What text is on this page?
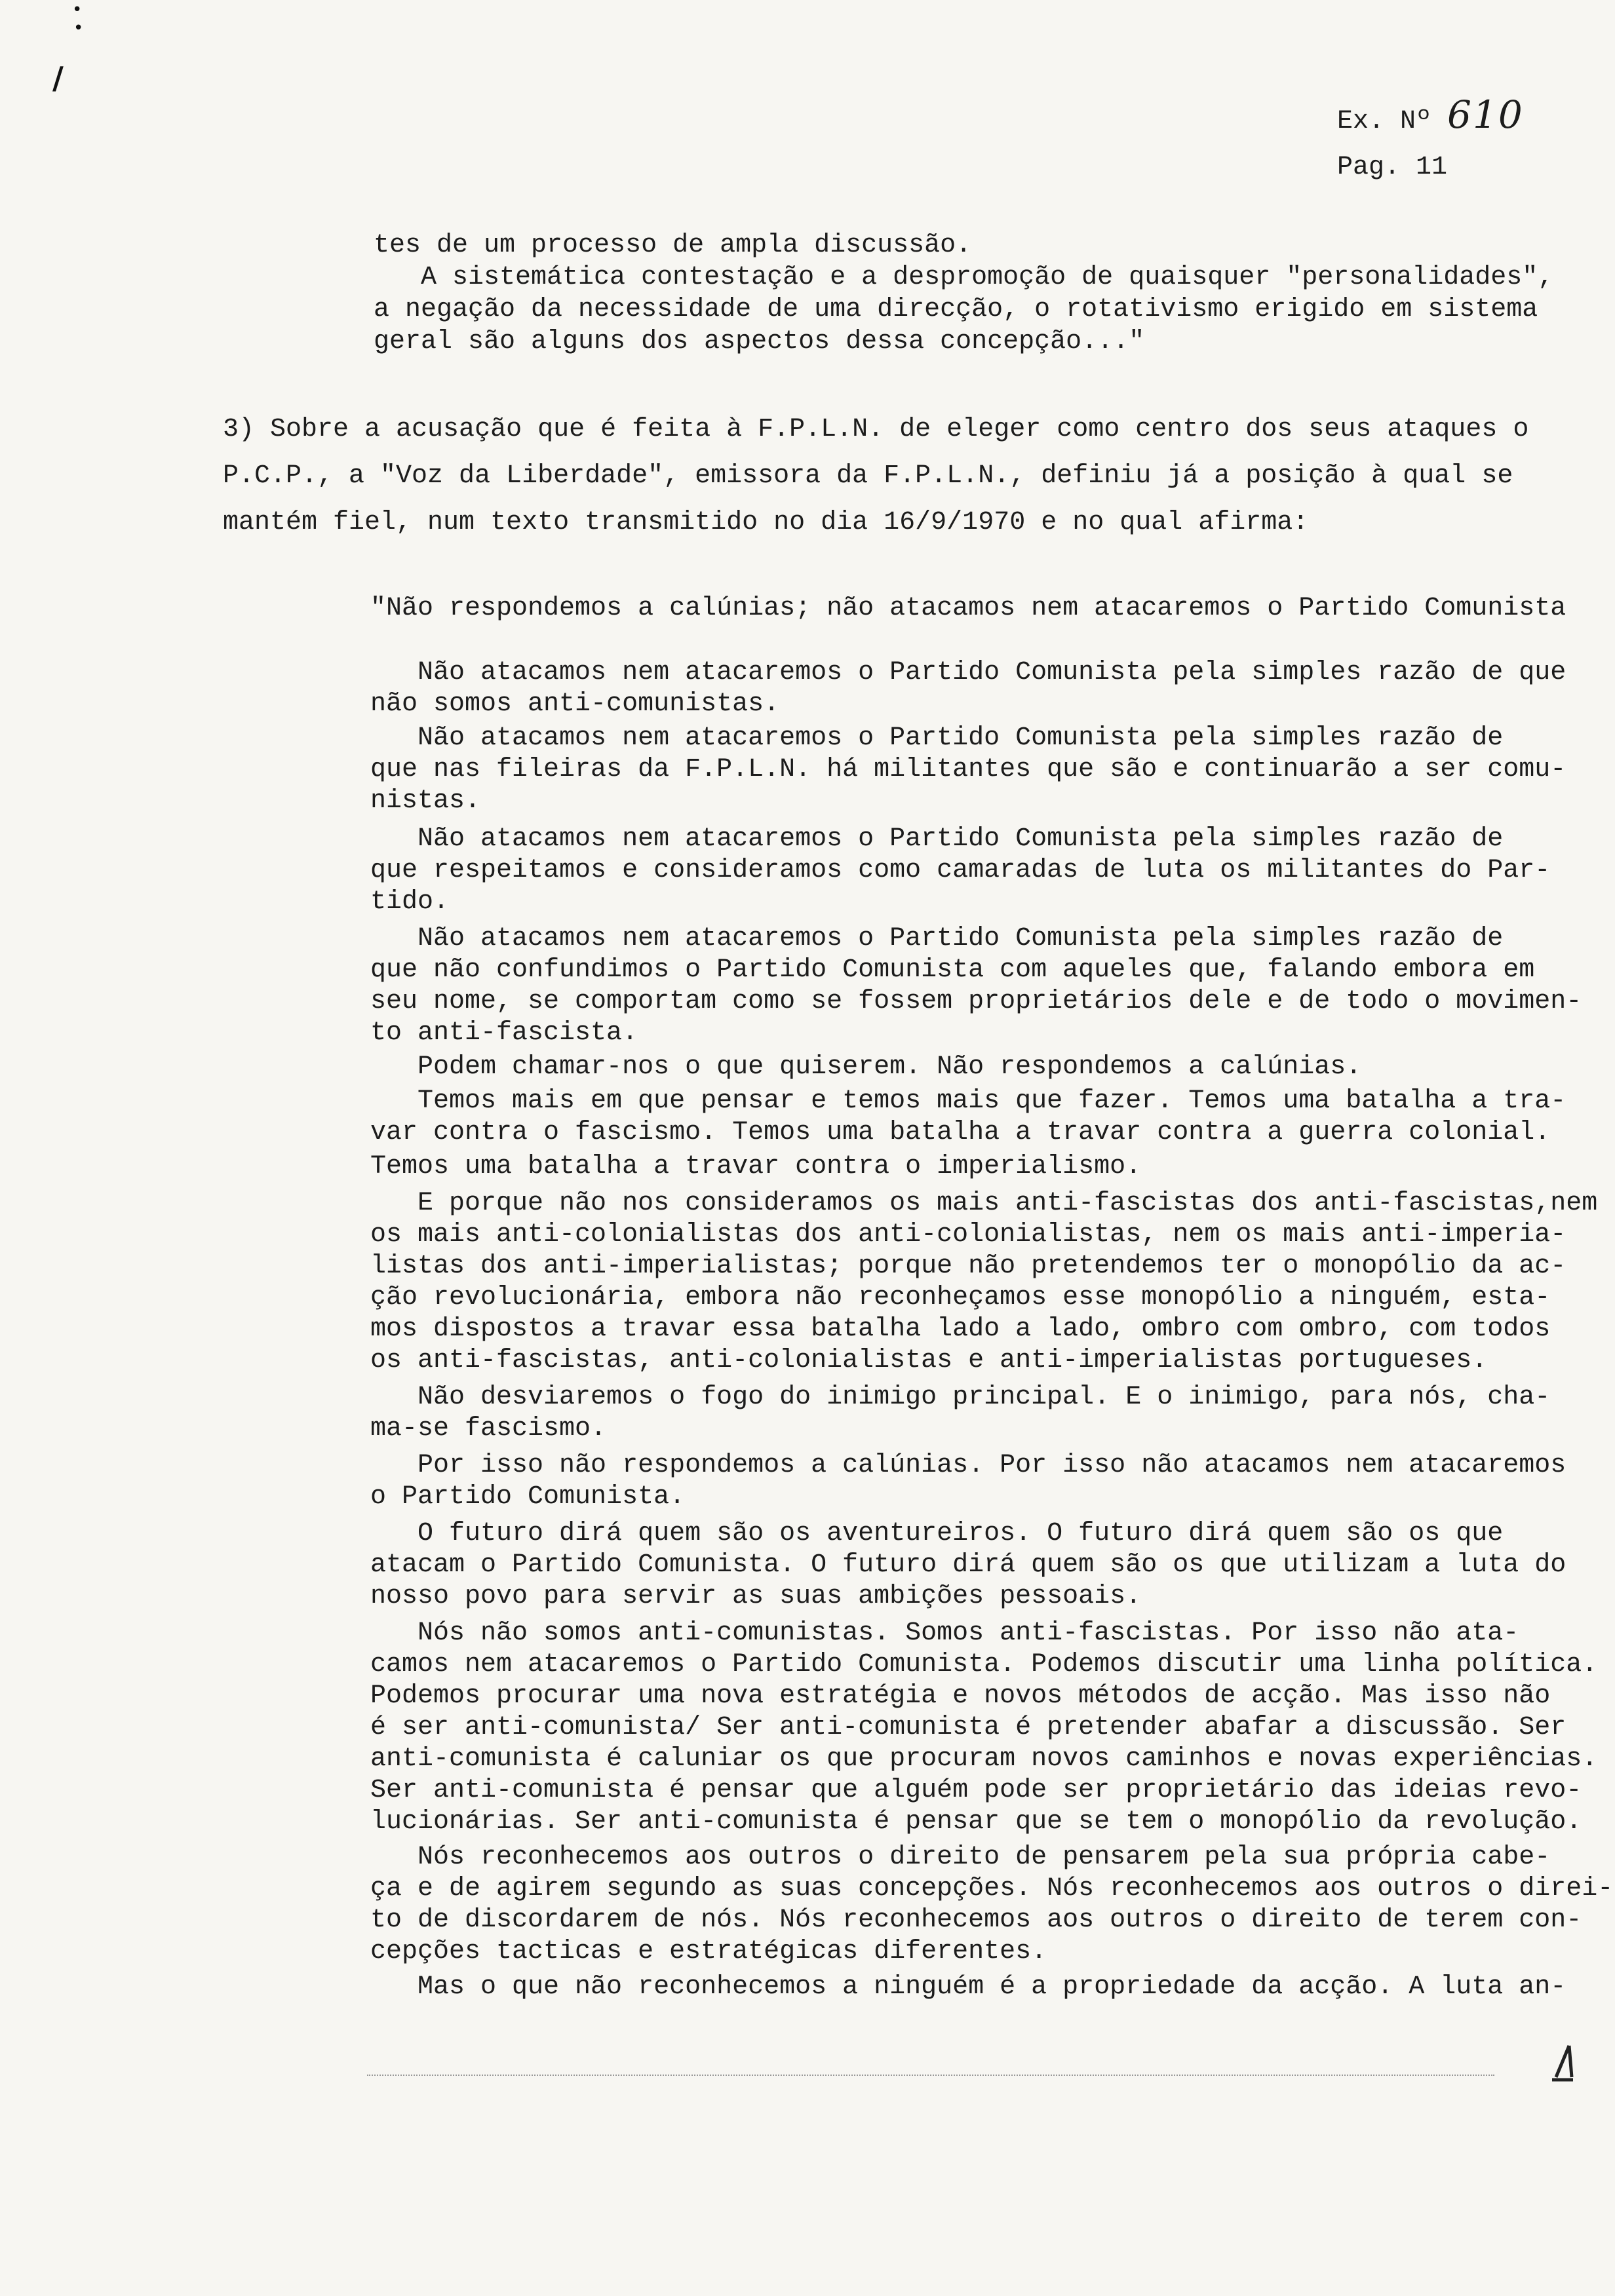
•
•
/
Ex. Nº 610
Pag. 11

tes de um processo de ampla discussão.

A sistemática contestação e a despromoção de quaisquer "personalidades",

a negação da necessidade de uma direcção, o rotativismo erigido em sistema

geral são alguns dos aspectos dessa concepção..."

3) Sobre a acusação que é feita à F.P.L.N. de eleger como centro dos seus ataques o

P.C.P., a "Voz da Liberdade", emissora da F.P.L.N., definiu já a posição à qual se

mantém fiel, num texto transmitido no dia 16/9/1970 e no qual afirma:

"Não respondemos a calúnias; não atacamos nem atacaremos o Partido Comunista

Não atacamos nem atacaremos o Partido Comunista pela simples razão de que

não somos anti-comunistas.

Não atacamos nem atacaremos o Partido Comunista pela simples razão de

que nas fileiras da F.P.L.N. há militantes que são e continuarão a ser comu-

nistas.

Não atacamos nem atacaremos o Partido Comunista pela simples razão de

que respeitamos e consideramos como camaradas de luta os militantes do Par-

tido.

Não atacamos nem atacaremos o Partido Comunista pela simples razão de

que não confundimos o Partido Comunista com aqueles que, falando embora em

seu nome, se comportam como se fossem proprietários dele e de todo o movimen-

to anti-fascista.

Podem chamar-nos o que quiserem. Não respondemos a calúnias.

Temos mais em que pensar e temos mais que fazer. Temos uma batalha a tra-

var contra o fascismo. Temos uma batalha a travar contra a guerra colonial.

Temos uma batalha a travar contra o imperialismo.

E porque não nos consideramos os mais anti-fascistas dos anti-fascistas,nem

os mais anti-colonialistas dos anti-colonialistas, nem os mais anti-imperia-

listas dos anti-imperialistas; porque não pretendemos ter o monopólio da ac-

ção revolucionária, embora não reconheçamos esse monopólio a ninguém, esta-

mos dispostos a travar essa batalha lado a lado, ombro com ombro, com todos

os anti-fascistas, anti-colonialistas e anti-imperialistas portugueses.

Não desviaremos o fogo do inimigo principal. E o inimigo, para nós, cha-

ma-se fascismo.

Por isso não respondemos a calúnias. Por isso não atacamos nem atacaremos

o Partido Comunista.

O futuro dirá quem são os aventureiros. O futuro dirá quem são os que

atacam o Partido Comunista. O futuro dirá quem são os que utilizam a luta do

nosso povo para servir as suas ambições pessoais.

Nós não somos anti-comunistas. Somos anti-fascistas. Por isso não ata-

camos nem atacaremos o Partido Comunista. Podemos discutir uma linha política.

Podemos procurar uma nova estratégia e novos métodos de acção. Mas isso não

é ser anti-comunista/ Ser anti-comunista é pretender abafar a discussão. Ser

anti-comunista é caluniar os que procuram novos caminhos e novas experiências.

Ser anti-comunista é pensar que alguém pode ser proprietário das ideias revo-

lucionárias. Ser anti-comunista é pensar que se tem o monopólio da revolução.

Nós reconhecemos aos outros o direito de pensarem pela sua própria cabe-

ça e de agirem segundo as suas concepções. Nós reconhecemos aos outros o direi-

to de discordarem de nós. Nós reconhecemos aos outros o direito de terem con-

cepções tacticas e estratégicas diferentes.

Mas o que não reconhecemos a ninguém é a propriedade da acção. A luta an-
